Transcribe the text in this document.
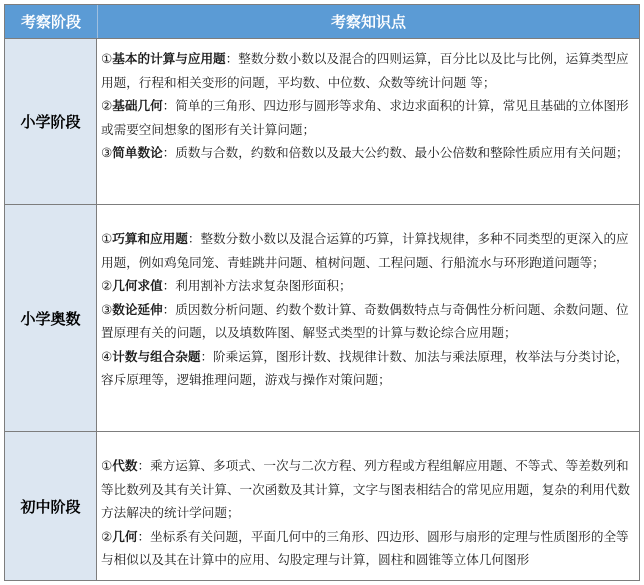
考察阶段	考察知识点
小学阶段

①基本的计算与应用题：整数分数小数以及混合的四则运算，百分比以及比与比例，运算类型应用题，行程和相关变形的问题，平均数、中位数、众数等统计问题 等；

②基础几何：简单的三角形、四边形与圆形等求角、求边求面积的计算，常见且基础的立体图形或需要空间想象的图形有关计算问题；

③简单数论：质数与合数，约数和倍数以及最大公约数、最小公倍数和整除性质应用有关问题；

小学奥数

①巧算和应用题：整数分数小数以及混合运算的巧算，计算找规律，多种不同类型的更深入的应用题，例如鸡兔同笼、青蛙跳井问题、植树问题、工程问题、行船流水与环形跑道问题等；

②几何求值：利用割补方法求复杂图形面积；

③数论延伸：质因数分析问题、约数个数计算、奇数偶数特点与奇偶性分析问题、余数问题、位置原理有关的问题，以及填数阵图、解竖式类型的计算与数论综合应用题；

④计数与组合杂题：阶乘运算，图形计数、找规律计数、加法与乘法原理，枚举法与分类讨论，容斥原理等，逻辑推理问题，游戏与操作对策问题；

初中阶段

①代数：乘方运算、多项式、一次与二次方程、列方程或方程组解应用题、不等式、等差数列和等比数列及其有关计算、一次函数及其计算，文字与图表相结合的常见应用题，复杂的利用代数方法解决的统计学问题；

②几何：坐标系有关问题，平面几何中的三角形、四边形、圆形与扇形的定理与性质图形的全等与相似以及其在计算中的应用、勾股定理与计算，圆柱和圆锥等立体几何图形
